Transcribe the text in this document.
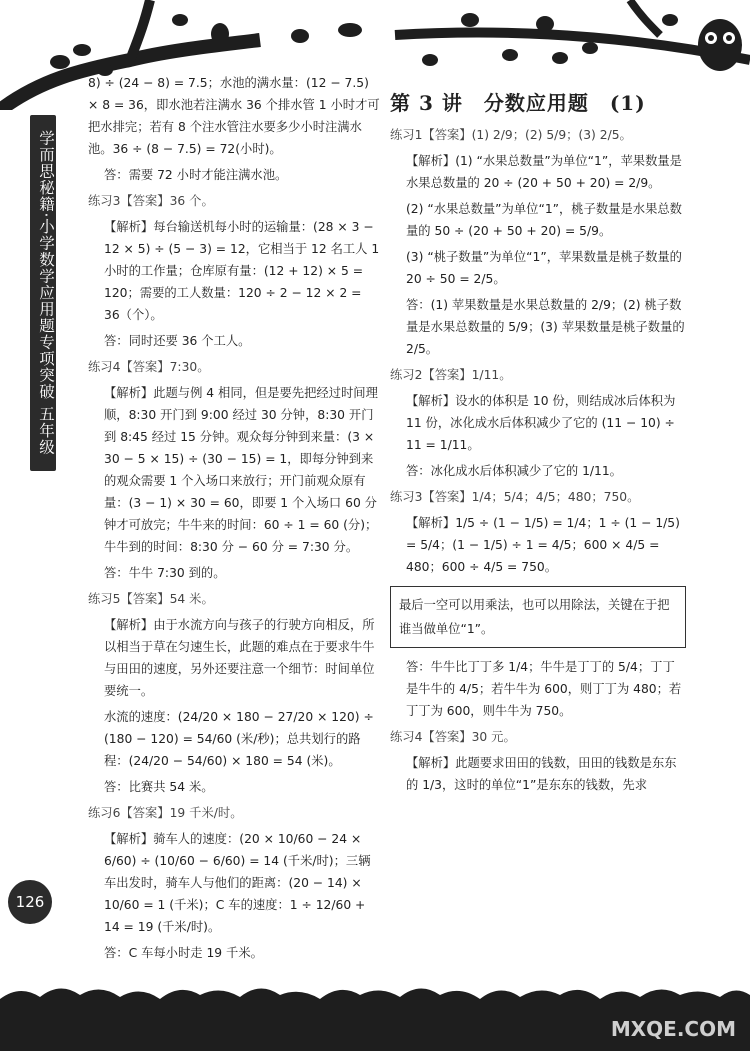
学而思秘籍·小学数学应用题专项突破 五年级
126

8) ÷ (24 − 8) = 7.5；水池的满水量：(12 − 7.5) × 8 = 36，即水池若注满水 36 个排水管 1 小时才可把水排完；若有 8 个注水管注水要多少小时注满水池。36 ÷ (8 − 7.5) = 72(小时)。

答：需要 72 小时才能注满水池。

练习3【答案】36 个。

【解析】每台输送机每小时的运输量：(28 × 3 − 12 × 5) ÷ (5 − 3) = 12，它相当于 12 名工人 1 小时的工作量；仓库原有量：(12 + 12) × 5 = 120；需要的工人数量：120 ÷ 2 − 12 × 2 = 36（个）。

答：同时还要 36 个工人。

练习4【答案】7:30。

【解析】此题与例 4 相同，但是要先把经过时间理顺，8:30 开门到 9:00 经过 30 分钟，8:30 开门到 8:45 经过 15 分钟。观众每分钟到来量：(3 × 30 − 5 × 15) ÷ (30 − 15) = 1，即每分钟到来的观众需要 1 个入场口来放行；开门前观众原有量：(3 − 1) × 30 = 60，即要 1 个入场口 60 分钟才可放完；牛牛来的时间：60 ÷ 1 = 60 (分)；牛牛到的时间：8:30 分 − 60 分 = 7:30 分。

答：牛牛 7:30 到的。

练习5【答案】54 米。

【解析】由于水流方向与孩子的行驶方向相反，所以相当于草在匀速生长，此题的难点在于要求牛牛与田田的速度，另外还要注意一个细节：时间单位要统一。

水流的速度：(24/20 × 180 − 27/20 × 120) ÷ (180 − 120) = 54/60 (米/秒)；总共划行的路程：(24/20 − 54/60) × 180 = 54 (米)。

答：比赛共 54 米。

练习6【答案】19 千米/时。

【解析】骑车人的速度：(20 × 10/60 − 24 × 6/60) ÷ (10/60 − 6/60) = 14 (千米/时)；三辆车出发时，骑车人与他们的距离：(20 − 14) × 10/60 = 1 (千米)；C 车的速度：1 ÷ 12/60 + 14 = 19 (千米/时)。

答：C 车每小时走 19 千米。

第 3 讲　分数应用题　(1)

练习1【答案】(1) 2/9；(2) 5/9；(3) 2/5。

【解析】(1) “水果总数量”为单位“1”，苹果数量是水果总数量的 20 ÷ (20 + 50 + 20) = 2/9。

(2) “水果总数量”为单位“1”，桃子数量是水果总数量的 50 ÷ (20 + 50 + 20) = 5/9。

(3) “桃子数量”为单位“1”，苹果数量是桃子数量的 20 ÷ 50 = 2/5。

答：(1) 苹果数量是水果总数量的 2/9；(2) 桃子数量是水果总数量的 5/9；(3) 苹果数量是桃子数量的 2/5。

练习2【答案】1/11。

【解析】设水的体积是 10 份，则结成冰后体积为 11 份，冰化成水后体积减少了它的 (11 − 10) ÷ 11 = 1/11。

答：冰化成水后体积减少了它的 1/11。

练习3【答案】1/4；5/4；4/5；480；750。

【解析】1/5 ÷ (1 − 1/5) = 1/4；1 ÷ (1 − 1/5) = 5/4；(1 − 1/5) ÷ 1 = 4/5；600 × 4/5 = 480；600 ÷ 4/5 = 750。

最后一空可以用乘法，也可以用除法，关键在于把谁当做单位“1”。

答：牛牛比丁丁多 1/4；牛牛是丁丁的 5/4；丁丁是牛牛的 4/5；若牛牛为 600，则丁丁为 480；若丁丁为 600，则牛牛为 750。

练习4【答案】30 元。

【解析】此题要求田田的钱数，田田的钱数是东东的 1/3，这时的单位“1”是东东的钱数，先求

MXQE.COM
